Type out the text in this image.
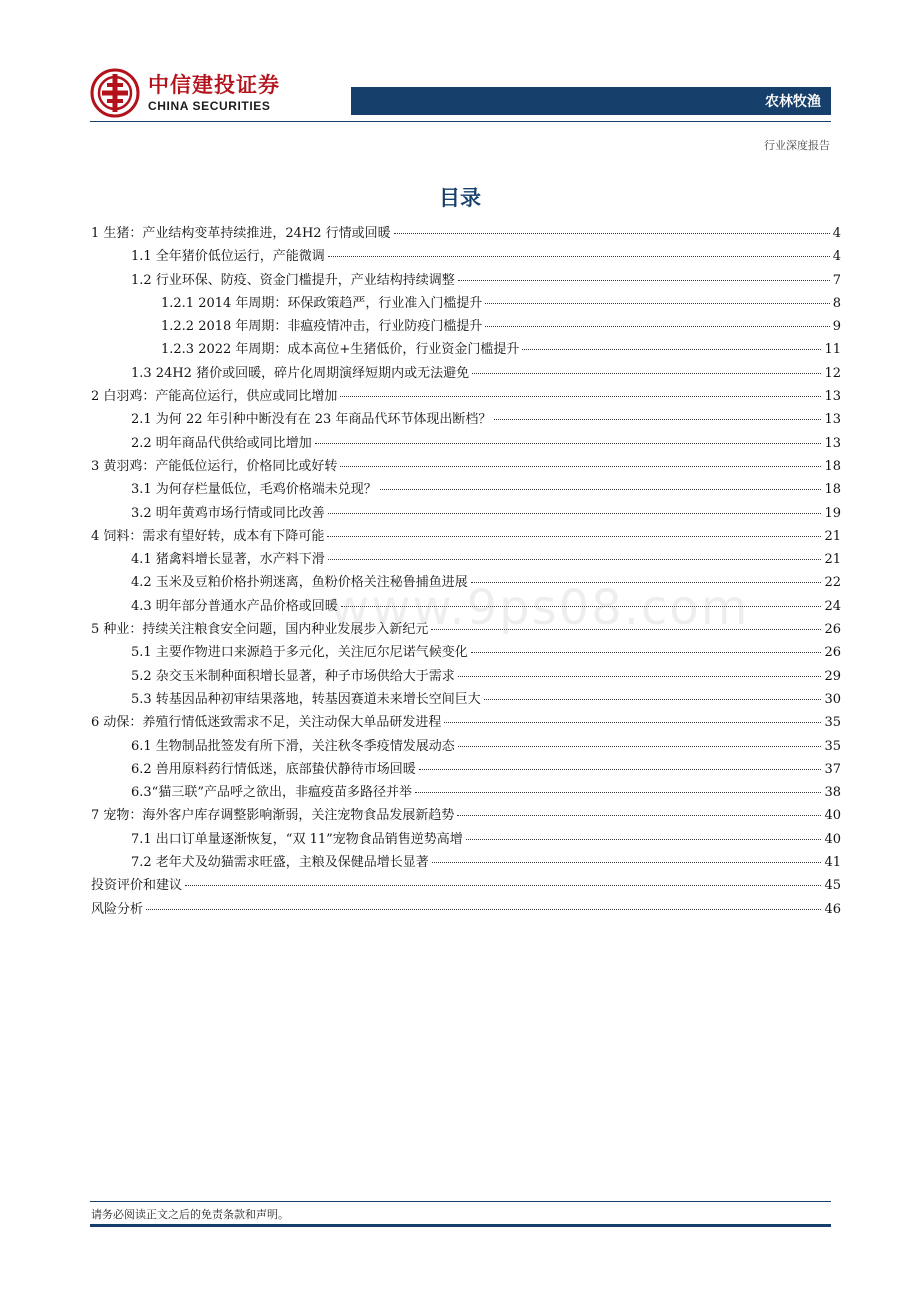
中信建投证券
CHINA SECURITIES	农林牧渔
行业深度报告
目录
1 生猪：产业结构变革持续推进，24H2 行情或回暖	4
1.1 全年猪价低位运行，产能微调	4
1.2 行业环保、防疫、资金门槛提升，产业结构持续调整	7
1.2.1 2014 年周期：环保政策趋严，行业准入门槛提升	8
1.2.2 2018 年周期：非瘟疫情冲击，行业防疫门槛提升	9
1.2.3 2022 年周期：成本高位+生猪低价，行业资金门槛提升	11
1.3 24H2 猪价或回暖，碎片化周期演绎短期内或无法避免	12
2 白羽鸡：产能高位运行，供应或同比增加	13
2.1 为何 22 年引种中断没有在 23 年商品代环节体现出断档？	13
2.2 明年商品代供给或同比增加	13
3 黄羽鸡：产能低位运行，价格同比或好转	18
3.1 为何存栏量低位，毛鸡价格端未兑现？	18
3.2 明年黄鸡市场行情或同比改善	19
4 饲料：需求有望好转，成本有下降可能	21
4.1 猪禽料增长显著，水产料下滑	21
4.2 玉米及豆粕价格扑朔迷离，鱼粉价格关注秘鲁捕鱼进展	22
4.3 明年部分普通水产品价格或回暖	24
5 种业：持续关注粮食安全问题，国内种业发展步入新纪元	26
5.1 主要作物进口来源趋于多元化，关注厄尔尼诺气候变化	26
5.2 杂交玉米制种面积增长显著，种子市场供给大于需求	29
5.3 转基因品种初审结果落地，转基因赛道未来增长空间巨大	30
6 动保：养殖行情低迷致需求不足，关注动保大单品研发进程	35
6.1 生物制品批签发有所下滑，关注秋冬季疫情发展动态	35
6.2 兽用原料药行情低迷，底部蛰伏静待市场回暖	37
6.3“猫三联”产品呼之欲出，非瘟疫苗多路径并举	38
7 宠物：海外客户库存调整影响渐弱，关注宠物食品发展新趋势	40
7.1 出口订单量逐渐恢复，“双 11”宠物食品销售逆势高增	40
7.2 老年犬及幼猫需求旺盛，主粮及保健品增长显著	41
投资评价和建议	45
风险分析	46
www.9ps08.com
请务必阅读正文之后的免责条款和声明。
